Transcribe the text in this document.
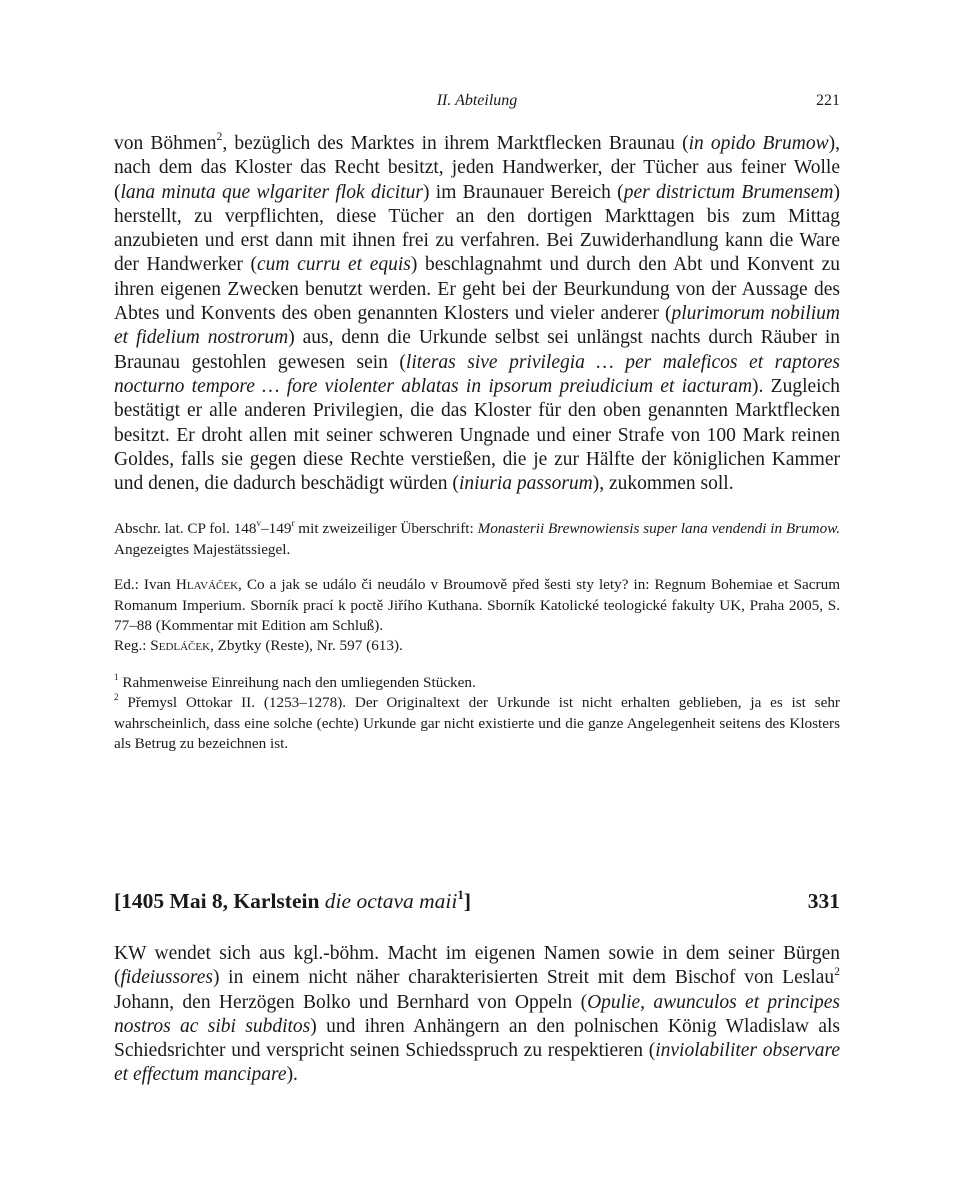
II. Abteilung	221

von Böhmen$^2$, bezüglich des Marktes in ihrem Marktflecken Braunau (in opido Brumow), nach dem das Kloster das Recht besitzt, jeden Handwerker, der Tücher aus feiner Wolle (lana minuta que wlgariter flok dicitur) im Braunauer Bereich (per districtum Brumensem) herstellt, zu verpflichten, diese Tücher an den dortigen Markttagen bis zum Mittag anzubieten und erst dann mit ihnen frei zu verfahren. Bei Zuwiderhandlung kann die Ware der Handwerker (cum curru et equis) beschlagnahmt und durch den Abt und Konvent zu ihren eigenen Zwecken benutzt werden. Er geht bei der Beurkundung von der Aussage des Abtes und Konvents des oben genannten Klosters und vieler anderer (plurimorum nobilium et fidelium nostrorum) aus, denn die Urkunde selbst sei unlängst nachts durch Räuber in Braunau gestohlen gewesen sein (literas sive privilegia … per maleficos et raptores nocturno tempore … fore violenter ablatas in ipsorum preiudicium et iacturam). Zugleich bestätigt er alle anderen Privilegien, die das Kloster für den oben genannten Marktflecken besitzt. Er droht allen mit seiner schweren Ungnade und einer Strafe von 100 Mark reinen Goldes, falls sie gegen diese Rechte verstießen, die je zur Hälfte der königlichen Kammer und denen, die dadurch beschädigt würden (iniuria passorum), zukommen soll.

Abschr. lat. CP fol. 148$^v$–149$^r$ mit zweizeiliger Überschrift: Monasterii Brewnowiensis super lana vendendi in Brumow. Angezeigtes Majestätssiegel.

Ed.: Ivan Hlaváček, Co a jak se událo či neudálo v Broumově před šesti sty lety? in: Regnum Bohemiae et Sacrum Romanum Imperium. Sborník prací k poctě Jiřího Kuthana. Sborník Katolické teologické fakulty UK, Praha 2005, S. 77–88 (Kommentar mit Edition am Schluß).
Reg.: Sedláček, Zbytky (Reste), Nr. 597 (613).

$^1$ Rahmenweise Einreihung nach den umliegenden Stücken.

$^2$ Přemysl Ottokar II. (1253–1278). Der Originaltext der Urkunde ist nicht erhalten geblieben, ja es ist sehr wahrscheinlich, dass eine solche (echte) Urkunde gar nicht existierte und die ganze Angelegenheit seitens des Klosters als Betrug zu bezeichnen ist.

[1405 Mai 8, Karlstein die octava maii$^1$]	331

KW wendet sich aus kgl.-böhm. Macht im eigenen Namen sowie in dem seiner Bürgen (fideiussores) in einem nicht näher charakterisierten Streit mit dem Bischof von Leslau$^2$ Johann, den Herzögen Bolko und Bernhard von Oppeln (Opulie, awunculos et principes nostros ac sibi subditos) und ihren Anhängern an den polnischen König Wladislaw als Schiedsrichter und verspricht seinen Schiedsspruch zu respektieren (inviolabiliter observare et effectum mancipare).
